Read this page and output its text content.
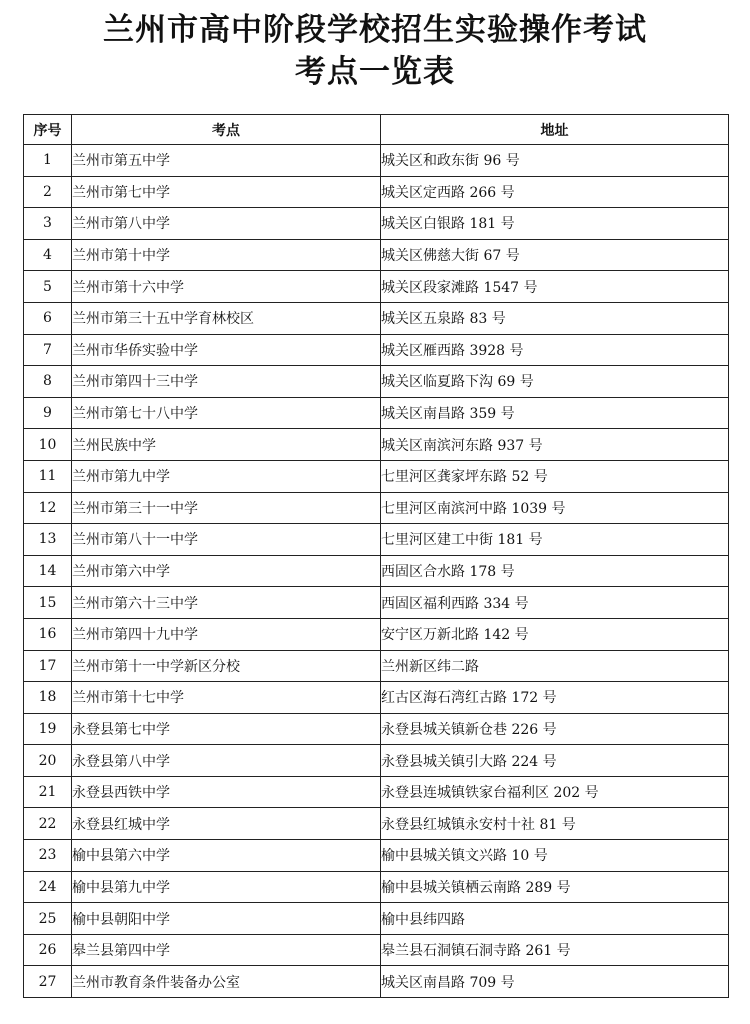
兰州市高中阶段学校招生实验操作考试
考点一览表
序号	考点	地址
1	兰州市第五中学	城关区和政东街 96 号
2	兰州市第七中学	城关区定西路 266 号
3	兰州市第八中学	城关区白银路 181 号
4	兰州市第十中学	城关区佛慈大街 67 号
5	兰州市第十六中学	城关区段家滩路 1547 号
6	兰州市第三十五中学育林校区	城关区五泉路 83 号
7	兰州市华侨实验中学	城关区雁西路 3928 号
8	兰州市第四十三中学	城关区临夏路下沟 69 号
9	兰州市第七十八中学	城关区南昌路 359 号
10	兰州民族中学	城关区南滨河东路 937 号
11	兰州市第九中学	七里河区龚家坪东路 52 号
12	兰州市第三十一中学	七里河区南滨河中路 1039 号
13	兰州市第八十一中学	七里河区建工中街 181 号
14	兰州市第六中学	西固区合水路 178 号
15	兰州市第六十三中学	西固区福利西路 334 号
16	兰州市第四十九中学	安宁区万新北路 142 号
17	兰州市第十一中学新区分校	兰州新区纬二路
18	兰州市第十七中学	红古区海石湾红古路 172 号
19	永登县第七中学	永登县城关镇新仓巷 226 号
20	永登县第八中学	永登县城关镇引大路 224 号
21	永登县西铁中学	永登县连城镇铁家台福利区 202 号
22	永登县红城中学	永登县红城镇永安村十社 81 号
23	榆中县第六中学	榆中县城关镇文兴路 10 号
24	榆中县第九中学	榆中县城关镇栖云南路 289 号
25	榆中县朝阳中学	榆中县纬四路
26	皋兰县第四中学	皋兰县石洞镇石洞寺路 261 号
27	兰州市教育条件装备办公室	城关区南昌路 709 号
